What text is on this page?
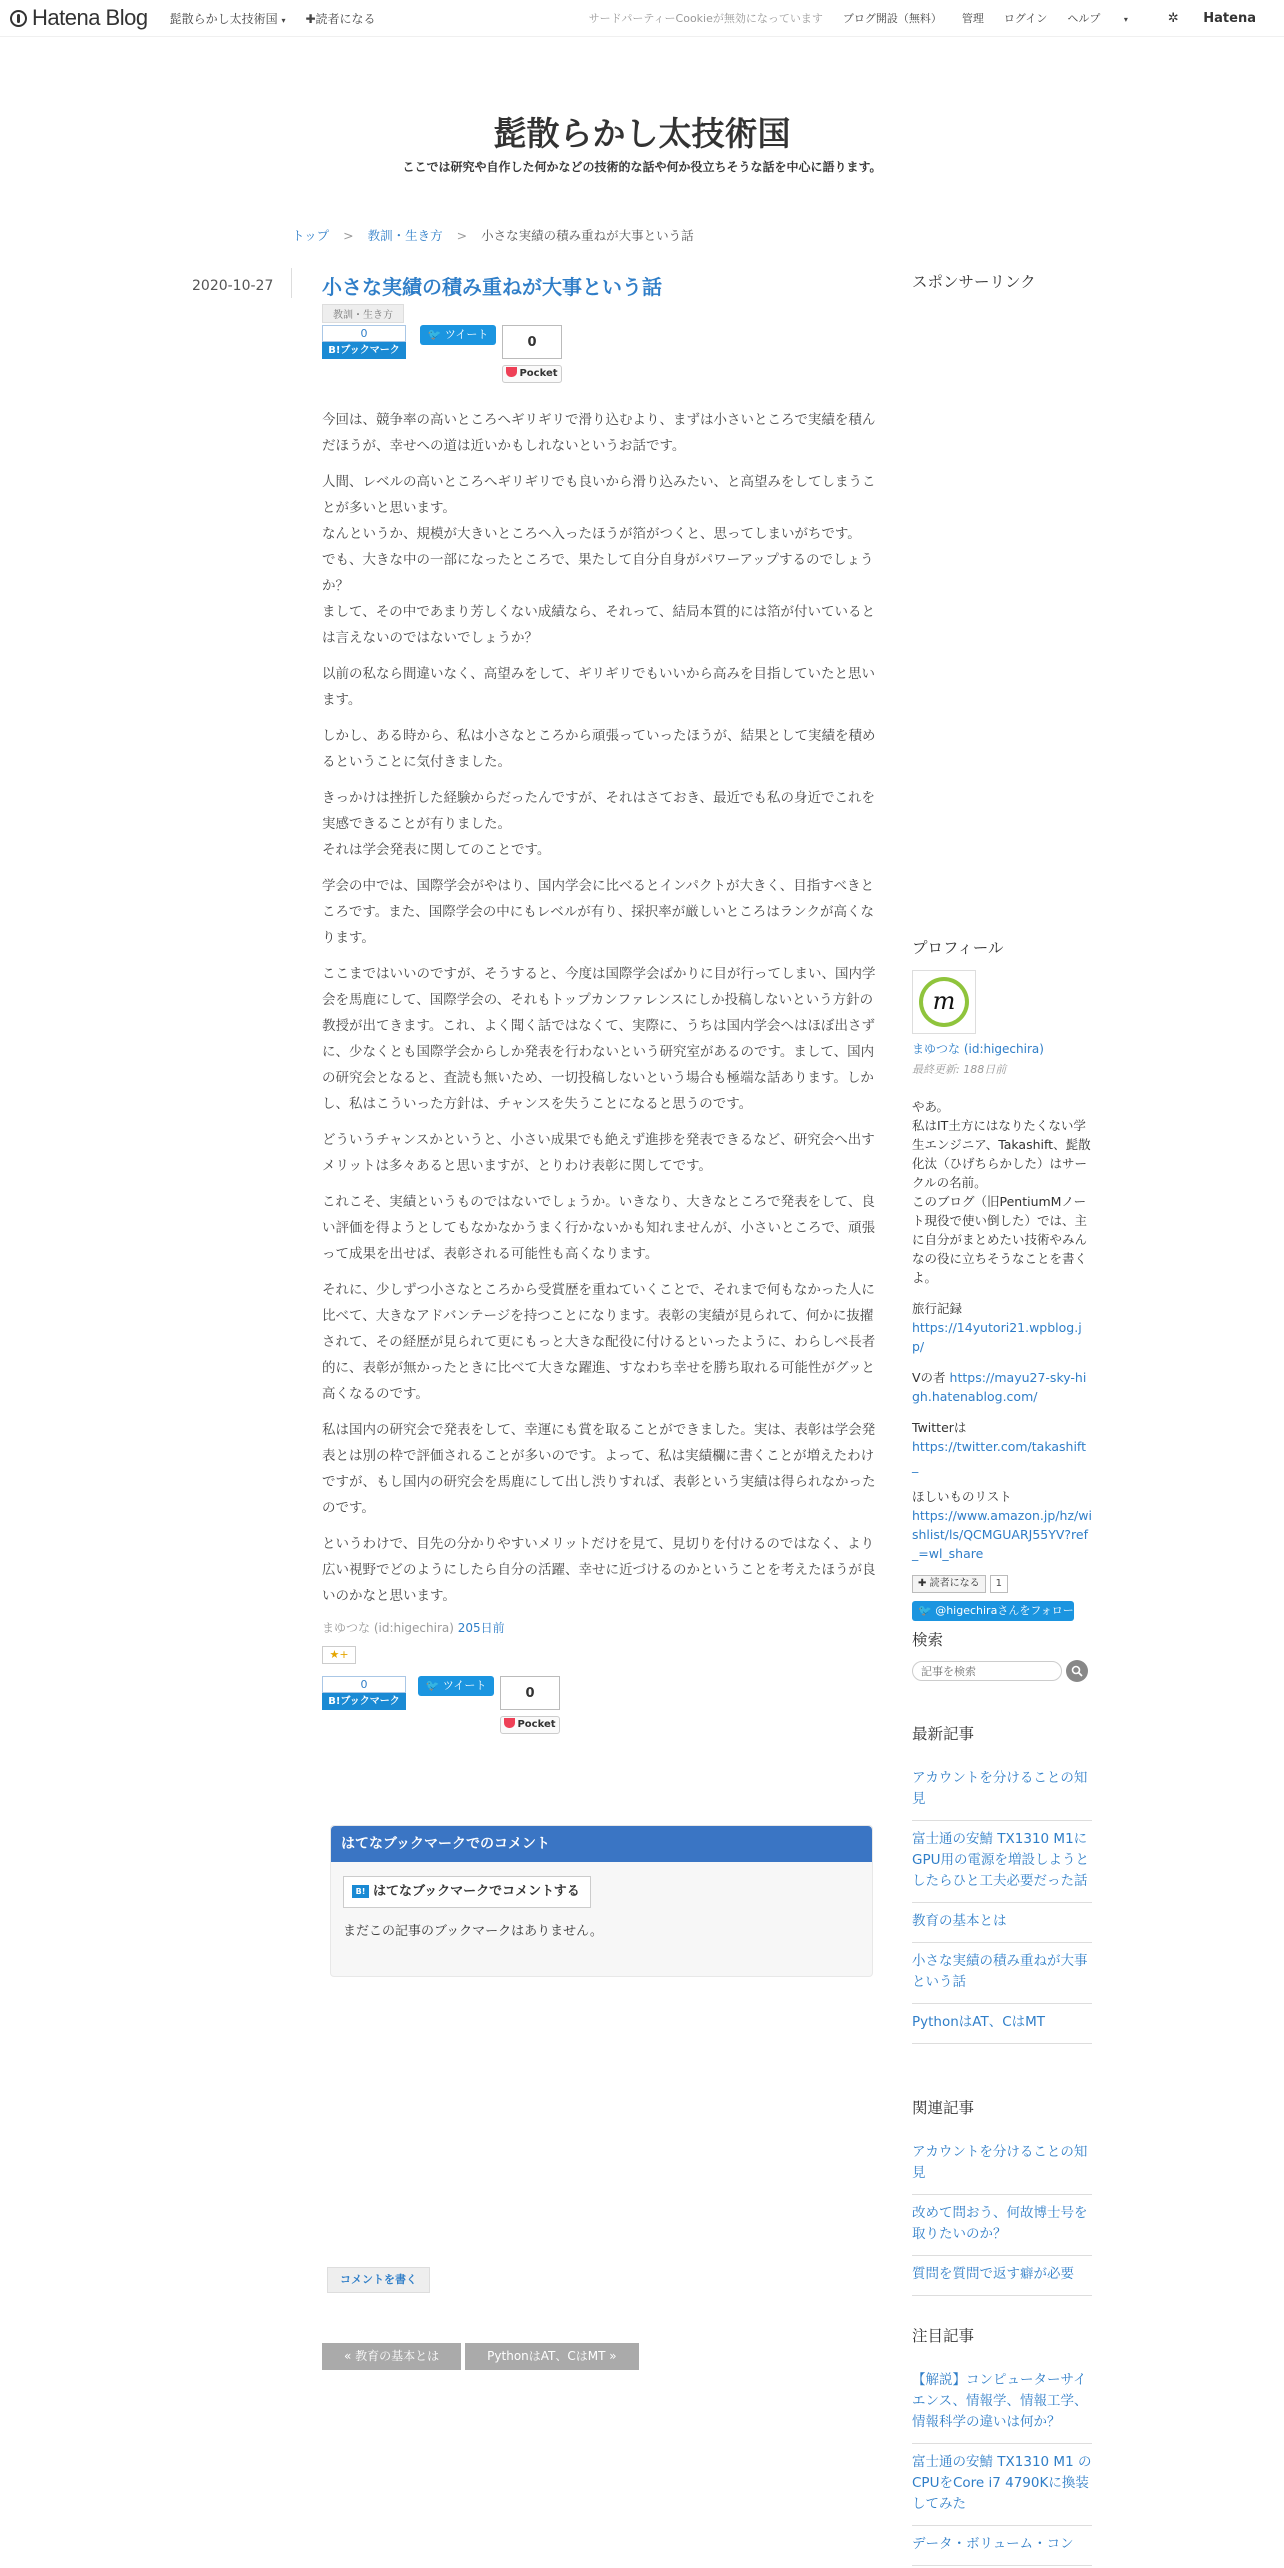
Hatena Blog 髭散らかし太技術国 ▾ ✚読者になる	サードパーティーCookieが無効になっています ブログ開設（無料） 管理 ログイン ヘルプ	▾	✲ Hatena
髭散らかし太技術国
ここでは研究や自作した何かなどの技術的な話や何か役立ちそうな話を中心に語ります。
トップ > 教訓・生き方 > 小さな実績の積み重ねが大事という話
2020-10-27 小さな実績の積み重ねが大事という話
教訓・生き方
0
B!ブックマーク
🐦 ツイート
0
Pocket

今回は、競争率の高いところへギリギリで滑り込むより、まずは小さいところで実績を積んだほうが、幸せへの道は近いかもしれないというお話です。

人間、レベルの高いところへギリギリでも良いから滑り込みたい、と高望みをしてしまうことが多いと思います。
なんというか、規模が大きいところへ入ったほうが箔がつくと、思ってしまいがちです。
でも、大きな中の一部になったところで、果たして自分自身がパワーアップするのでしょうか？
まして、その中であまり芳しくない成績なら、それって、結局本質的には箔が付いているとは言えないのではないでしょうか？

以前の私なら間違いなく、高望みをして、ギリギリでもいいから高みを目指していたと思います。

しかし、ある時から、私は小さなところから頑張っていったほうが、結果として実績を積めるということに気付きました。

きっかけは挫折した経験からだったんですが、それはさておき、最近でも私の身近でこれを実感できることが有りました。
それは学会発表に関してのことです。

学会の中では、国際学会がやはり、国内学会に比べるとインパクトが大きく、目指すべきところです。また、国際学会の中にもレベルが有り、採択率が厳しいところはランクが高くなります。

ここまではいいのですが、そうすると、今度は国際学会ばかりに目が行ってしまい、国内学会を馬鹿にして、国際学会の、それもトップカンファレンスにしか投稿しないという方針の教授が出てきます。これ、よく聞く話ではなくて、実際に、うちは国内学会へはほぼ出さずに、少なくとも国際学会からしか発表を行わないという研究室があるのです。まして、国内の研究会となると、査読も無いため、一切投稿しないという場合も極端な話あります。しかし、私はこういった方針は、チャンスを失うことになると思うのです。

どういうチャンスかというと、小さい成果でも絶えず進捗を発表できるなど、研究会へ出すメリットは多々あると思いますが、とりわけ表彰に関してです。

これこそ、実績というものではないでしょうか。いきなり、大きなところで発表をして、良い評価を得ようとしてもなかなかうまく行かないかも知れませんが、小さいところで、頑張って成果を出せば、表彰される可能性も高くなります。

それに、少しずつ小さなところから受賞歴を重ねていくことで、それまで何もなかった人に比べて、大きなアドバンテージを持つことになります。表彰の実績が見られて、何かに抜擢されて、その経歴が見られて更にもっと大きな配役に付けるといったように、わらしべ長者的に、表彰が無かったときに比べて大きな躍進、すなわち幸せを勝ち取れる可能性がグッと高くなるのです。

私は国内の研究会で発表をして、幸運にも賞を取ることができました。実は、表彰は学会発表とは別の枠で評価されることが多いのです。よって、私は実績欄に書くことが増えたわけですが、もし国内の研究会を馬鹿にして出し渋りすれば、表彰という実績は得られなかったのです。

というわけで、目先の分かりやすいメリットだけを見て、見切りを付けるのではなく、より広い視野でどのようにしたら自分の活躍、幸せに近づけるのかということを考えたほうが良いのかなと思います。

まゆつな (id:higechira) 205日前
★+
0
B!ブックマーク
🐦 ツイート
0
Pocket
はてなブックマークでのコメント
B! はてなブックマークでコメントする
まだこの記事のブックマークはありません。
コメントを書く
« 教育の基本とは	PythonはAT、CはMT »
スポンサーリンク
プロフィール
m
まゆつな (id:higechira)
最終更新: 188日前
やあ。
私はIT土方にはなりたくない学生エンジニア、Takashift、髭散化汰（ひげちらかした）はサークルの名前。
このブログ（旧PentiumMノート現役で使い倒した）では、主に自分がまとめたい技術やみんなの役に立ちそうなことを書くよ。
旅行記録
https://14yutori21.wpblog.jp/
Vの者 https://mayu27-sky-high.hatenablog.com/
Twitterは
https://twitter.com/takashift_
ほしいものリスト
https://www.amazon.jp/hz/wishlist/ls/QCMGUARJ55YV?ref_=wl_share
✚ 読者になる	1
🐦 @higechiraさんをフォロー
検索
記事を検索
最新記事
アカウントを分けることの知見
富士通の安鯖 TX1310 M1にGPU用の電源を増設しようとしたらひと工夫必要だった話
教育の基本とは
小さな実績の積み重ねが大事という話
PythonはAT、CはMT
関連記事
アカウントを分けることの知見
改めて問おう、何故博士号を取りたいのか？
質問を質問で返す癖が必要
注目記事
【解説】コンピューターサイエンス、情報学、情報工学、情報科学の違いは何か？
富士通の安鯖 TX1310 M1 のCPUをCore i7 4790Kに換装してみた
データ・ボリューム・コン
